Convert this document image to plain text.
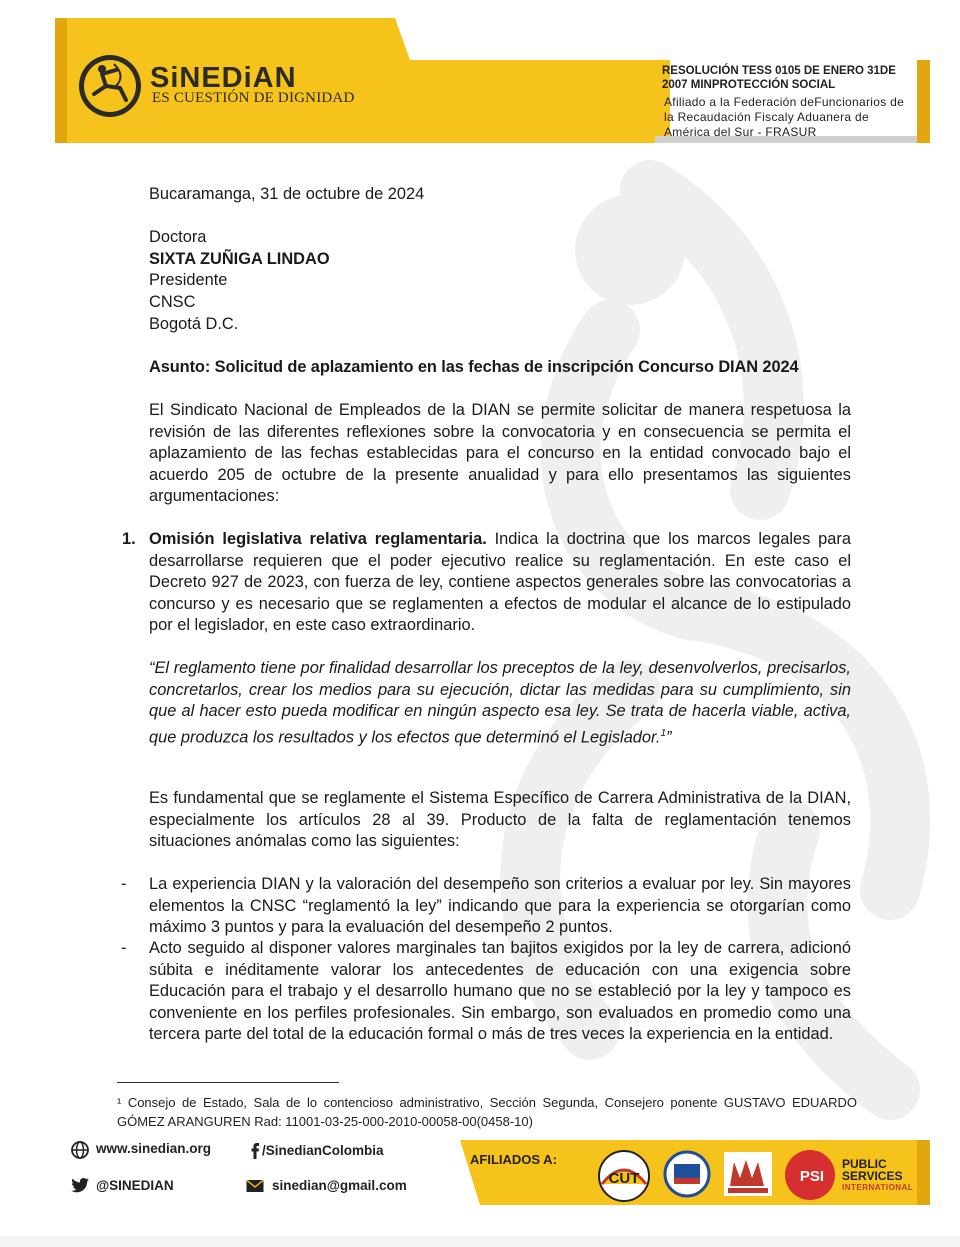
SiNEDiAN
ES CUESTIÓN DE DIGNIDAD
RESOLUCIÓN TESS 0105 DE ENERO 31DE
2007 MINPROTECCIÓN SOCIAL
Afiliado a la Federación deFuncionarios de la Recaudación Fiscaly Aduanera de América del Sur - FRASUR
Bucaramanga, 31 de octubre de 2024
Doctora
SIXTA ZUÑIGA LINDAO
Presidente
CNSC
Bogotá D.C.
Asunto: Solicitud de aplazamiento en las fechas de inscripción Concurso DIAN 2024
El Sindicato Nacional de Empleados de la DIAN se permite solicitar de manera respetuosa la revisión de las diferentes reflexiones sobre la convocatoria y en consecuencia se permita el aplazamiento de las fechas establecidas para el concurso en la entidad convocado bajo el acuerdo 205 de octubre de la presente anualidad y para ello presentamos las siguientes argumentaciones:
1. Omisión legislativa relativa reglamentaria. Indica la doctrina que los marcos legales para desarrollarse requieren que el poder ejecutivo realice su reglamentación. En este caso el Decreto 927 de 2023, con fuerza de ley, contiene aspectos generales sobre las convocatorias a concurso y es necesario que se reglamenten a efectos de modular el alcance de lo estipulado por el legislador, en este caso extraordinario.
“El reglamento tiene por finalidad desarrollar los preceptos de la ley, desenvolverlos, precisarlos, concretarlos, crear los medios para su ejecución, dictar las medidas para su cumplimiento, sin que al hacer esto pueda modificar en ningún aspecto esa ley. Se trata de hacerla viable, activa, que produzca los resultados y los efectos que determinó el Legislador.$^1$”
Es fundamental que se reglamente el Sistema Específico de Carrera Administrativa de la DIAN, especialmente los artículos 28 al 39. Producto de la falta de reglamentación tenemos situaciones anómalas como las siguientes:
- La experiencia DIAN y la valoración del desempeño son criterios a evaluar por ley. Sin mayores elementos la CNSC “reglamentó la ley” indicando que para la experiencia se otorgarían como máximo 3 puntos y para la evaluación del desempeño 2 puntos.
- Acto seguido al disponer valores marginales tan bajitos exigidos por la ley de carrera, adicionó súbita e inéditamente valorar los antecedentes de educación con una exigencia sobre Educación para el trabajo y el desarrollo humano que no se estableció por la ley y tampoco es conveniente en los perfiles profesionales. Sin embargo, son evaluados en promedio como una tercera parte del total de la educación formal o más de tres veces la experiencia en la entidad.
¹ Consejo de Estado, Sala de lo contencioso administrativo, Sección Segunda, Consejero ponente GUSTAVO EDUARDO GÓMEZ ARANGUREN Rad: 11001-03-25-000-2010-00058-00(0458-10)
www.sinedian.org	/SinedianColombia
@SINEDIAN	sinedian@gmail.com
AFILIADOS A:
CUT	PSI
PUBLIC
SERVICES
INTERNATIONAL
